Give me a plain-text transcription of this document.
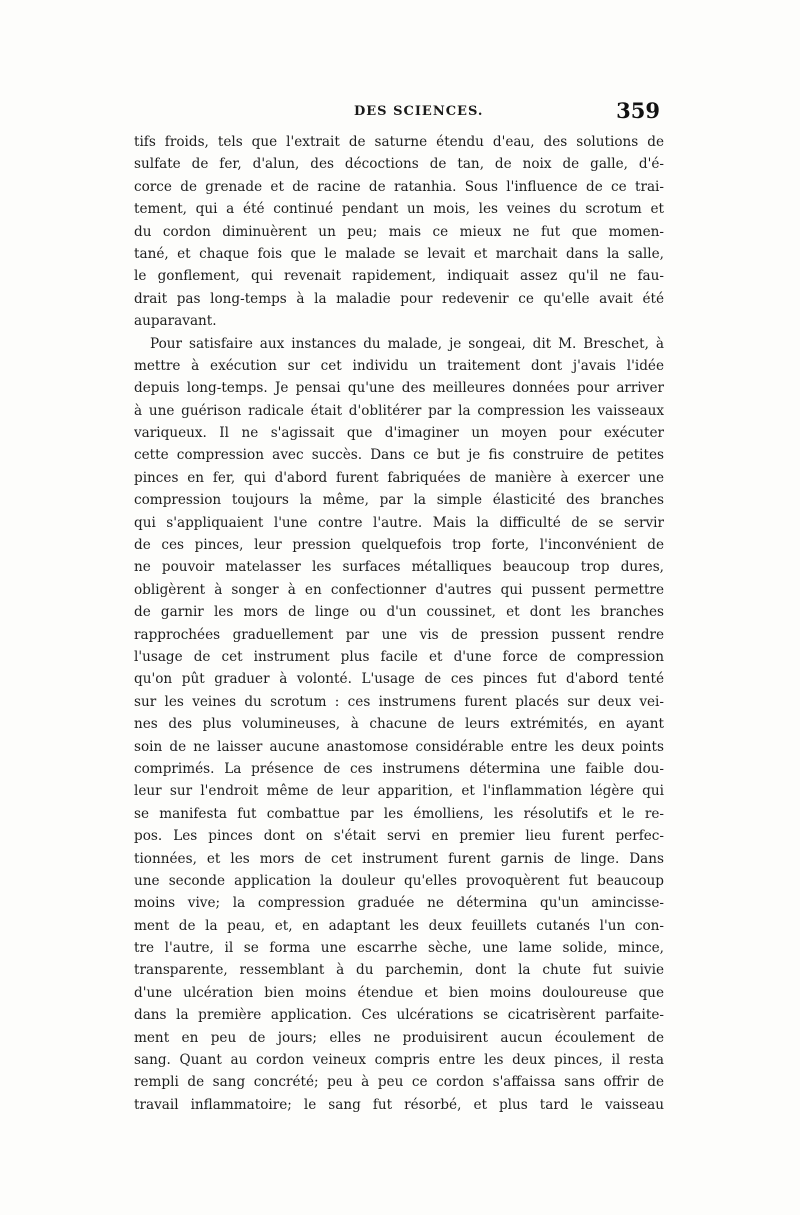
DES SCIENCES.	359
tifs froids, tels que l'extrait de saturne étendu d'eau, des solutions de
sulfate de fer, d'alun, des décoctions de tan, de noix de galle, d'é-
corce de grenade et de racine de ratanhia. Sous l'influence de ce trai-
tement, qui a été continué pendant un mois, les veines du scrotum et
du cordon diminuèrent un peu; mais ce mieux ne fut que momen-
tané, et chaque fois que le malade se levait et marchait dans la salle,
le gonflement, qui revenait rapidement, indiquait assez qu'il ne fau-
drait pas long-temps à la maladie pour redevenir ce qu'elle avait été
auparavant.
Pour satisfaire aux instances du malade, je songeai, dit M. Breschet, à
mettre à exécution sur cet individu un traitement dont j'avais l'idée
depuis long-temps. Je pensai qu'une des meilleures données pour arriver
à une guérison radicale était d'oblitérer par la compression les vaisseaux
variqueux. Il ne s'agissait que d'imaginer un moyen pour exécuter
cette compression avec succès. Dans ce but je fis construire de petites
pinces en fer, qui d'abord furent fabriquées de manière à exercer une
compression toujours la même, par la simple élasticité des branches
qui s'appliquaient l'une contre l'autre. Mais la difficulté de se servir
de ces pinces, leur pression quelquefois trop forte, l'inconvénient de
ne pouvoir matelasser les surfaces métalliques beaucoup trop dures,
obligèrent à songer à en confectionner d'autres qui pussent permettre
de garnir les mors de linge ou d'un coussinet, et dont les branches
rapprochées graduellement par une vis de pression pussent rendre
l'usage de cet instrument plus facile et d'une force de compression
qu'on pût graduer à volonté. L'usage de ces pinces fut d'abord tenté
sur les veines du scrotum : ces instrumens furent placés sur deux vei-
nes des plus volumineuses, à chacune de leurs extrémités, en ayant
soin de ne laisser aucune anastomose considérable entre les deux points
comprimés. La présence de ces instrumens détermina une faible dou-
leur sur l'endroit même de leur apparition, et l'inflammation légère qui
se manifesta fut combattue par les émolliens, les résolutifs et le re-
pos. Les pinces dont on s'était servi en premier lieu furent perfec-
tionnées, et les mors de cet instrument furent garnis de linge. Dans
une seconde application la douleur qu'elles provoquèrent fut beaucoup
moins vive; la compression graduée ne détermina qu'un amincisse-
ment de la peau, et, en adaptant les deux feuillets cutanés l'un con-
tre l'autre, il se forma une escarrhe sèche, une lame solide, mince,
transparente, ressemblant à du parchemin, dont la chute fut suivie
d'une ulcération bien moins étendue et bien moins douloureuse que
dans la première application. Ces ulcérations se cicatrisèrent parfaite-
ment en peu de jours; elles ne produisirent aucun écoulement de
sang. Quant au cordon veineux compris entre les deux pinces, il resta
rempli de sang concrété; peu à peu ce cordon s'affaissa sans offrir de
travail inflammatoire; le sang fut résorbé, et plus tard le vaisseau
